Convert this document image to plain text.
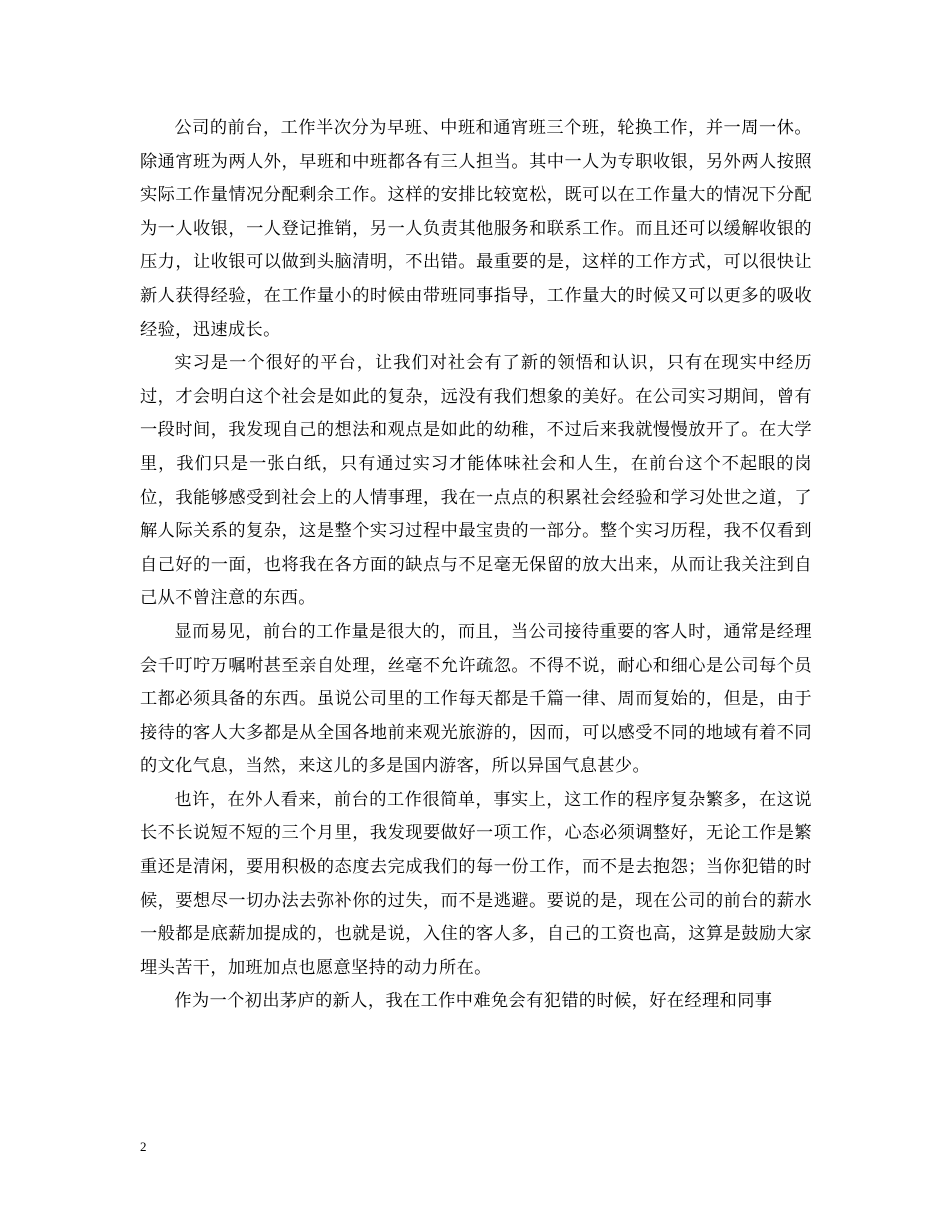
公司的前台，工作半次分为早班、中班和通宵班三个班，轮换工作，并一周一休。除通宵班为两人外，早班和中班都各有三人担当。其中一人为专职收银，另外两人按照实际工作量情况分配剩余工作。这样的安排比较宽松，既可以在工作量大的情况下分配为一人收银，一人登记推销，另一人负责其他服务和联系工作。而且还可以缓解收银的压力，让收银可以做到头脑清明，不出错。最重要的是，这样的工作方式，可以很快让新人获得经验，在工作量小的时候由带班同事指导，工作量大的时候又可以更多的吸收经验，迅速成长。

实习是一个很好的平台，让我们对社会有了新的领悟和认识，只有在现实中经历过，才会明白这个社会是如此的复杂，远没有我们想象的美好。在公司实习期间，曾有一段时间，我发现自己的想法和观点是如此的幼稚，不过后来我就慢慢放开了。在大学里，我们只是一张白纸，只有通过实习才能体味社会和人生，在前台这个不起眼的岗位，我能够感受到社会上的人情事理，我在一点点的积累社会经验和学习处世之道，了解人际关系的复杂，这是整个实习过程中最宝贵的一部分。整个实习历程，我不仅看到自己好的一面，也将我在各方面的缺点与不足毫无保留的放大出来，从而让我关注到自己从不曾注意的东西。

显而易见，前台的工作量是很大的，而且，当公司接待重要的客人时，通常是经理会千叮咛万嘱咐甚至亲自处理，丝毫不允许疏忽。不得不说，耐心和细心是公司每个员工都必须具备的东西。虽说公司里的工作每天都是千篇一律、周而复始的，但是，由于接待的客人大多都是从全国各地前来观光旅游的，因而，可以感受不同的地域有着不同的文化气息，当然，来这儿的多是国内游客，所以异国气息甚少。

也许，在外人看来，前台的工作很简单，事实上，这工作的程序复杂繁多，在这说长不长说短不短的三个月里，我发现要做好一项工作，心态必须调整好，无论工作是繁重还是清闲，要用积极的态度去完成我们的每一份工作，而不是去抱怨；当你犯错的时候，要想尽一切办法去弥补你的过失，而不是逃避。要说的是，现在公司的前台的薪水一般都是底薪加提成的，也就是说，入住的客人多，自己的工资也高，这算是鼓励大家埋头苦干，加班加点也愿意坚持的动力所在。

作为一个初出茅庐的新人，我在工作中难免会有犯错的时候，好在经理和同事

2
